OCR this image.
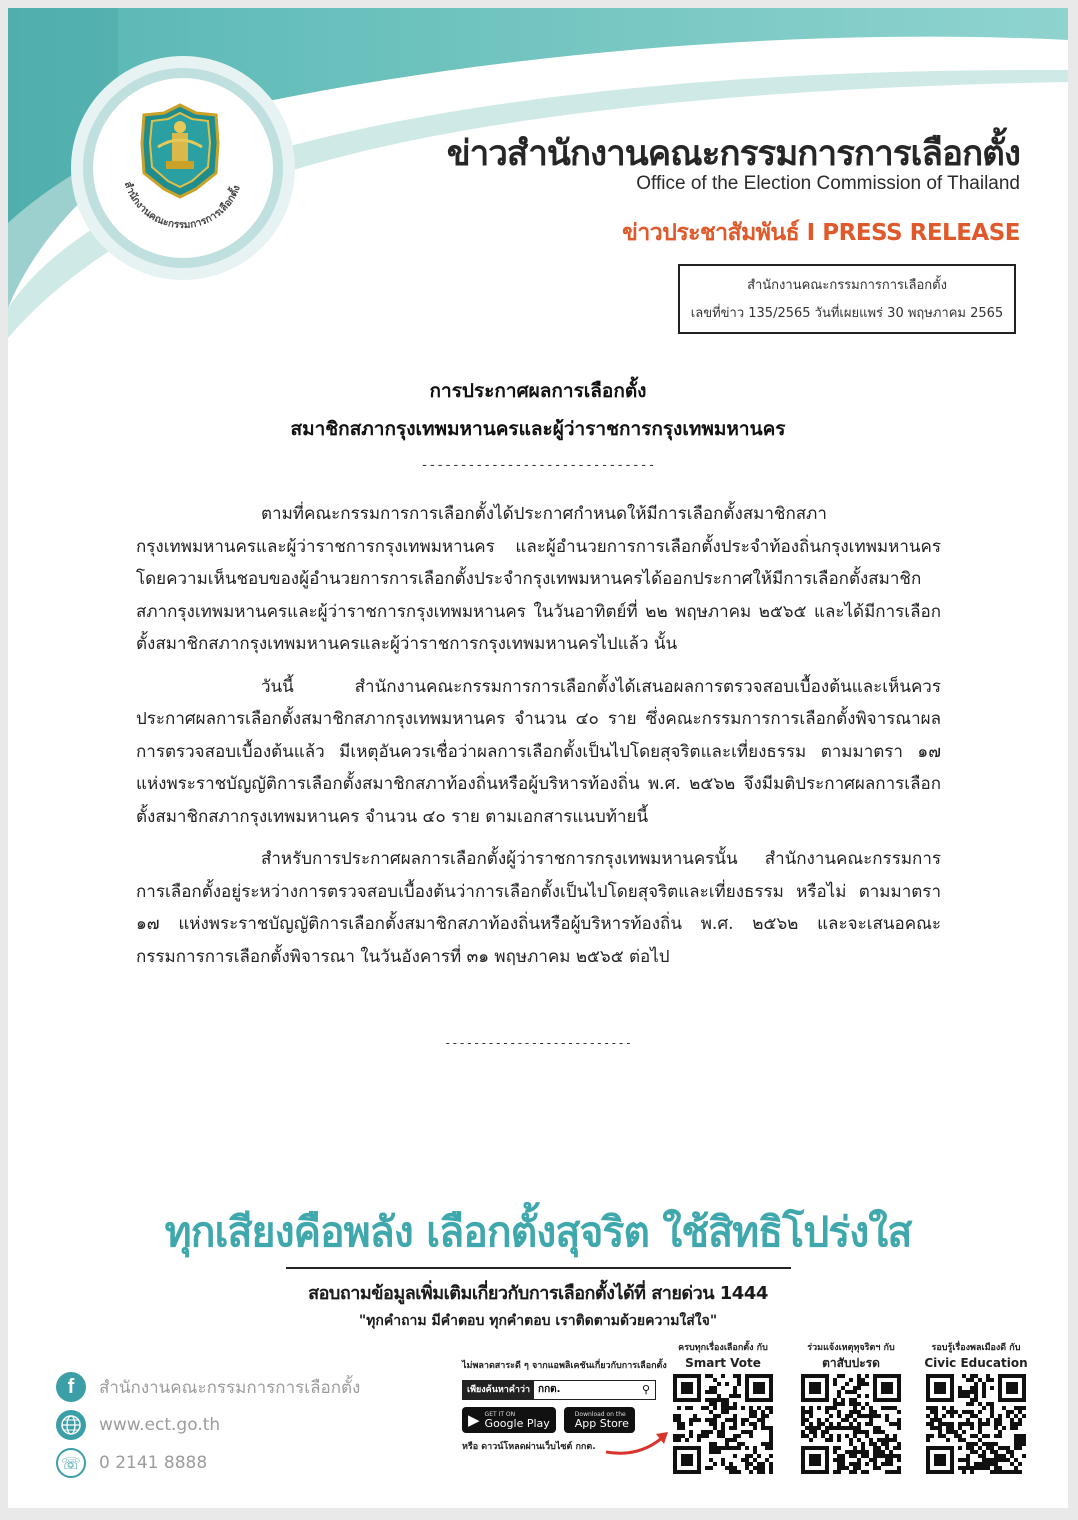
สำนักงานคณะกรรมการการเลือกตั้ง
ข่าวสำนักงานคณะกรรมการการเลือกตั้ง
Office of the Election Commission of Thailand
ข่าวประชาสัมพันธ์ I PRESS RELEASE
สำนักงานคณะกรรมการการเลือกตั้ง
เลขที่ข่าว 135/2565 วันที่เผยแพร่ 30 พฤษภาคม 2565
การประกาศผลการเลือกตั้ง
สมาชิกสภากรุงเทพมหานครและผู้ว่าราชการกรุงเทพมหานคร
------------------------------

ตามที่คณะกรรมการการเลือกตั้งได้ประกาศกำหนดให้มีการเลือกตั้งสมาชิกสภากรุงเทพมหานครและผู้ว่าราชการกรุงเทพมหานคร และผู้อำนวยการการเลือกตั้งประจำท้องถิ่นกรุงเทพมหานคร โดยความเห็นชอบของผู้อำนวยการการเลือกตั้งประจำกรุงเทพมหานครได้ออกประกาศให้มีการเลือกตั้งสมาชิกสภากรุงเทพมหานครและผู้ว่าราชการกรุงเทพมหานคร ในวันอาทิตย์ที่ ๒๒ พฤษภาคม ๒๕๖๕ และได้มีการเลือกตั้งสมาชิกสภากรุงเทพมหานครและผู้ว่าราชการกรุงเทพมหานครไปแล้ว นั้น

วันนี้ สำนักงานคณะกรรมการการเลือกตั้งได้เสนอผลการตรวจสอบเบื้องต้นและเห็นควรประกาศผลการเลือกตั้งสมาชิกสภากรุงเทพมหานคร จำนวน ๔๐ ราย ซึ่งคณะกรรมการการเลือกตั้งพิจารณาผลการตรวจสอบเบื้องต้นแล้ว มีเหตุอันควรเชื่อว่าผลการเลือกตั้งเป็นไปโดยสุจริตและเที่ยงธรรม ตามมาตรา ๑๗ แห่งพระราชบัญญัติการเลือกตั้งสมาชิกสภาท้องถิ่นหรือผู้บริหารท้องถิ่น พ.ศ. ๒๕๖๒ จึงมีมติประกาศผลการเลือกตั้งสมาชิกสภากรุงเทพมหานคร จำนวน ๔๐ ราย ตามเอกสารแนบท้ายนี้

สำหรับการประกาศผลการเลือกตั้งผู้ว่าราชการกรุงเทพมหานครนั้น สำนักงานคณะกรรมการการเลือกตั้งอยู่ระหว่างการตรวจสอบเบื้องต้นว่าการเลือกตั้งเป็นไปโดยสุจริตและเที่ยงธรรม หรือไม่ ตามมาตรา ๑๗ แห่งพระราชบัญญัติการเลือกตั้งสมาชิกสภาท้องถิ่นหรือผู้บริหารท้องถิ่น พ.ศ. ๒๕๖๒ และจะเสนอคณะกรรมการการเลือกตั้งพิจารณา ในวันอังคารที่ ๓๑ พฤษภาคม ๒๕๖๕ ต่อไป

--------------------------
ทุกเสียงคือพลัง เลือกตั้งสุจริต ใช้สิทธิโปร่งใส
สอบถามข้อมูลเพิ่มเติมเกี่ยวกับการเลือกตั้งได้ที่ สายด่วน 1444
"ทุกคำถาม มีคำตอบ ทุกคำตอบ เราติดตามด้วยความใส่ใจ"
f	สำนักงานคณะกรรมการการเลือกตั้ง
www.ect.go.th
☏ 0 2141 8888
ไม่พลาดสาระดี ๆ จากแอพลิเคชันเกี่ยวกับการเลือกตั้ง
เพียงค้นหาคำว่า กกต.	⚲
▶ GET IT ON
Google Play
Download on the
App Store
หรือ ดาวน์โหลดผ่านเว็บไซต์ กกต.
ครบทุกเรื่องเลือกตั้ง กับ
Smart Vote
ร่วมแจ้งเหตุทุจริตฯ กับ
ตาสับปะรด
รอบรู้เรื่องพลเมืองดี กับ
Civic Education
